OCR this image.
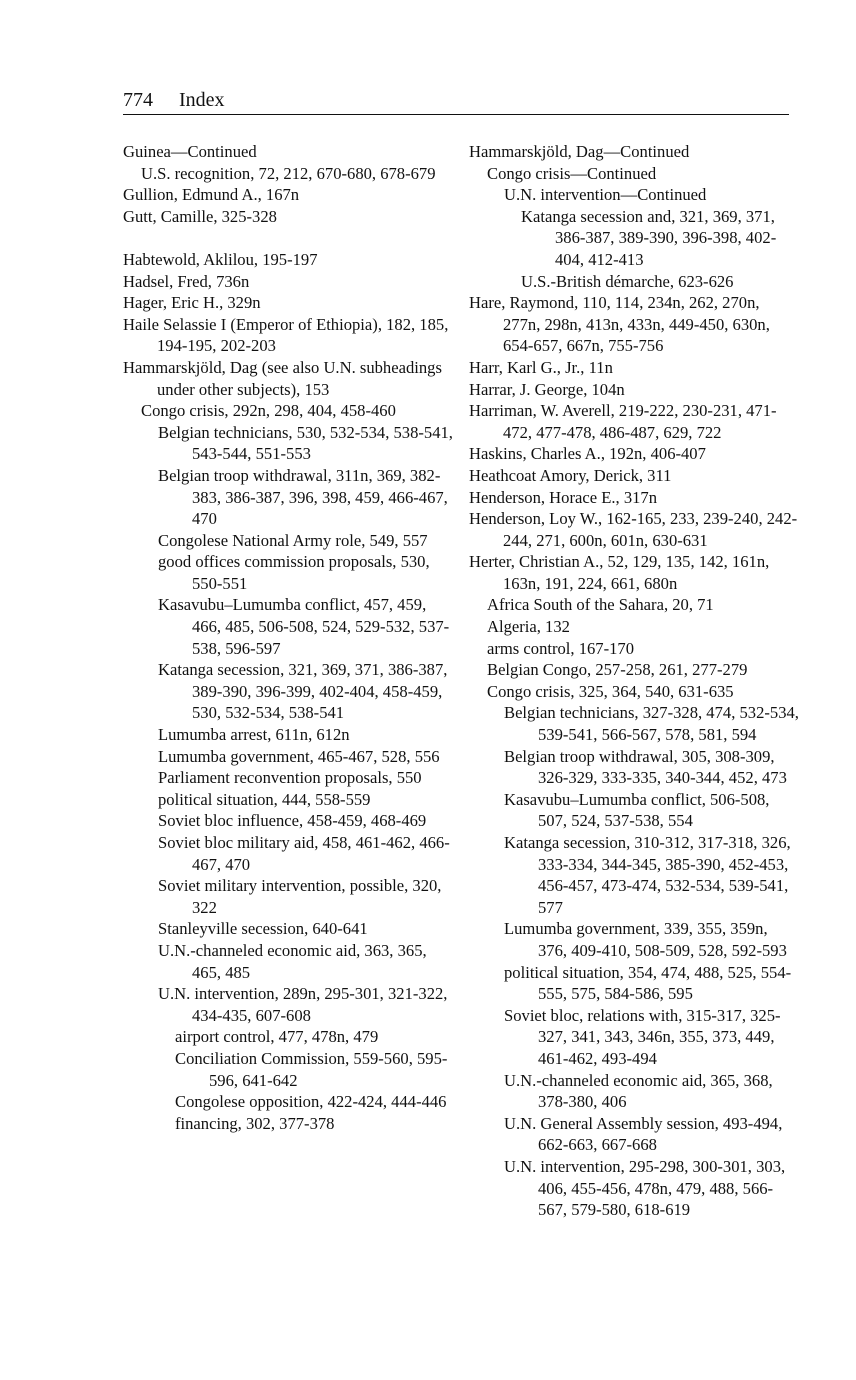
774 Index
Guinea—Continued
U.S. recognition, 72, 212, 670-680, 678-679
Gullion, Edmund A., 167n
Gutt, Camille, 325-328
Habtewold, Aklilou, 195-197
Hadsel, Fred, 736n
Hager, Eric H., 329n
Haile Selassie I (Emperor of Ethiopia), 182, 185, 194-195, 202-203
Hammarskjöld, Dag (see also U.N. subheadings under other subjects), 153
Congo crisis, 292n, 298, 404, 458-460
Belgian technicians, 530, 532-534, 538-541, 543-544, 551-553
Belgian troop withdrawal, 311n, 369, 382-383, 386-387, 396, 398, 459, 466-467, 470
Congolese National Army role, 549, 557
good offices commission proposals, 530, 550-551
Kasavubu–Lumumba conflict, 457, 459, 466, 485, 506-508, 524, 529-532, 537-538, 596-597
Katanga secession, 321, 369, 371, 386-387, 389-390, 396-399, 402-404, 458-459, 530, 532-534, 538-541
Lumumba arrest, 611n, 612n
Lumumba government, 465-467, 528, 556
Parliament reconvention proposals, 550
political situation, 444, 558-559
Soviet bloc influence, 458-459, 468-469
Soviet bloc military aid, 458, 461-462, 466-467, 470
Soviet military intervention, possible, 320, 322
Stanleyville secession, 640-641
U.N.-channeled economic aid, 363, 365, 465, 485
U.N. intervention, 289n, 295-301, 321-322, 434-435, 607-608
airport control, 477, 478n, 479
Conciliation Commission, 559-560, 595-596, 641-642
Congolese opposition, 422-424, 444-446
financing, 302, 377-378
Hammarskjöld, Dag—Continued
Congo crisis—Continued
U.N. intervention—Continued
Katanga secession and, 321, 369, 371, 386-387, 389-390, 396-398, 402-404, 412-413
U.S.-British démarche, 623-626
Hare, Raymond, 110, 114, 234n, 262, 270n, 277n, 298n, 413n, 433n, 449-450, 630n, 654-657, 667n, 755-756
Harr, Karl G., Jr., 11n
Harrar, J. George, 104n
Harriman, W. Averell, 219-222, 230-231, 471-472, 477-478, 486-487, 629, 722
Haskins, Charles A., 192n, 406-407
Heathcoat Amory, Derick, 311
Henderson, Horace E., 317n
Henderson, Loy W., 162-165, 233, 239-240, 242-244, 271, 600n, 601n, 630-631
Herter, Christian A., 52, 129, 135, 142, 161n, 163n, 191, 224, 661, 680n
Africa South of the Sahara, 20, 71
Algeria, 132
arms control, 167-170
Belgian Congo, 257-258, 261, 277-279
Congo crisis, 325, 364, 540, 631-635
Belgian technicians, 327-328, 474, 532-534, 539-541, 566-567, 578, 581, 594
Belgian troop withdrawal, 305, 308-309, 326-329, 333-335, 340-344, 452, 473
Kasavubu–Lumumba conflict, 506-508, 507, 524, 537-538, 554
Katanga secession, 310-312, 317-318, 326, 333-334, 344-345, 385-390, 452-453, 456-457, 473-474, 532-534, 539-541, 577
Lumumba government, 339, 355, 359n, 376, 409-410, 508-509, 528, 592-593
political situation, 354, 474, 488, 525, 554-555, 575, 584-586, 595
Soviet bloc, relations with, 315-317, 325-327, 341, 343, 346n, 355, 373, 449, 461-462, 493-494
U.N.-channeled economic aid, 365, 368, 378-380, 406
U.N. General Assembly session, 493-494, 662-663, 667-668
U.N. intervention, 295-298, 300-301, 303, 406, 455-456, 478n, 479, 488, 566-567, 579-580, 618-619
